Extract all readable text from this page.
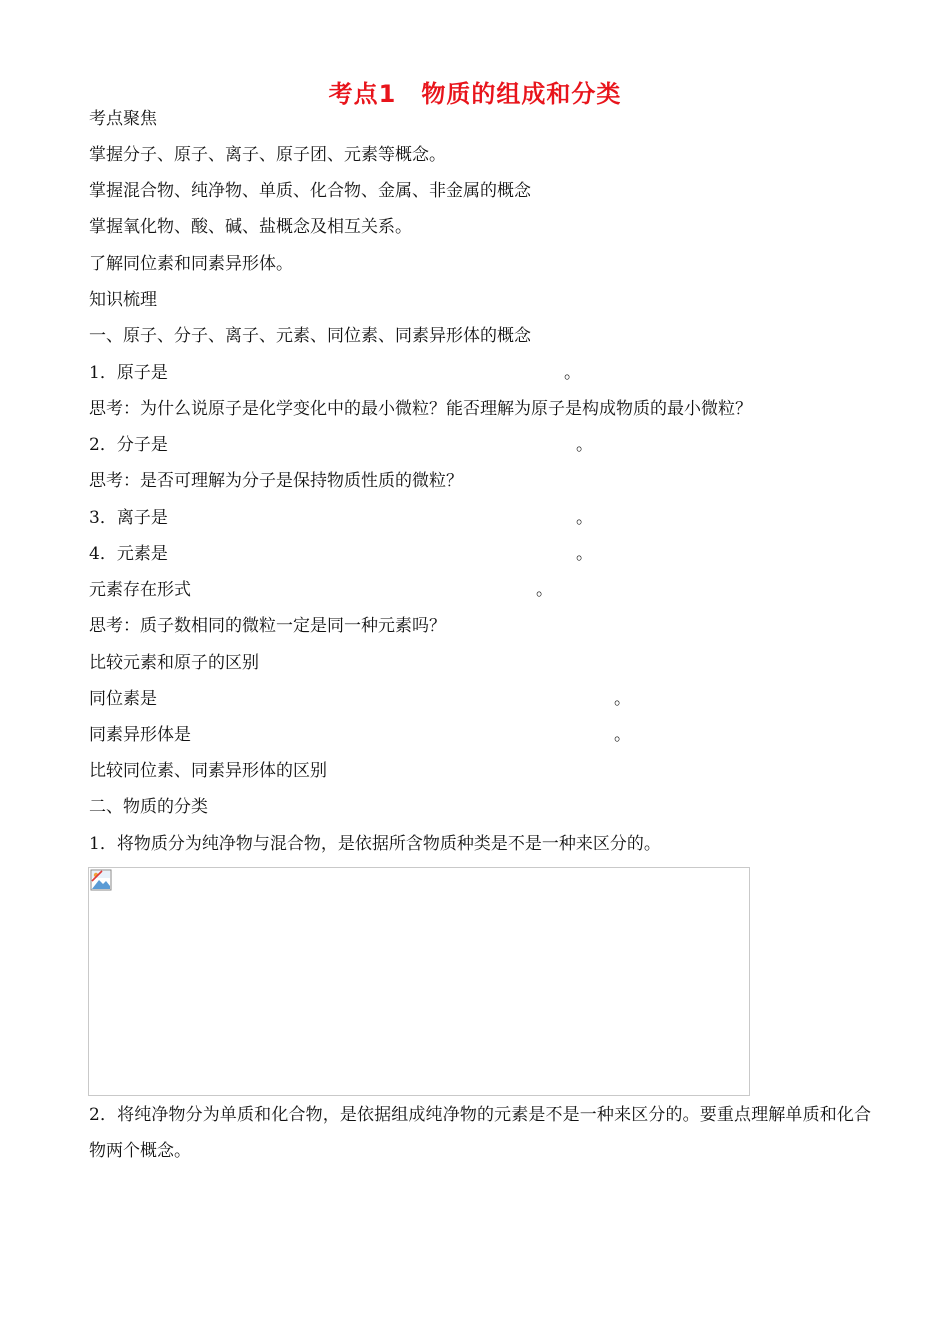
考点1　物质的组成和分类
考点聚焦
掌握分子、原子、离子、原子团、元素等概念。
掌握混合物、纯净物、单质、化合物、金属、非金属的概念
掌握氧化物、酸、碱、盐概念及相互关系。
了解同位素和同素异形体。
知识梳理
一、原子、分子、离子、元素、同位素、同素异形体的概念
1．原子是	。
思考：为什么说原子是化学变化中的最小微粒？能否理解为原子是构成物质的最小微粒？
2．分子是	。
思考：是否可理解为分子是保持物质性质的微粒？
3．离子是	。
4．元素是	。
元素存在形式	。
思考：质子数相同的微粒一定是同一种元素吗？
比较元素和原子的区别
同位素是	。
同素异形体是	。
比较同位素、同素异形体的区别
二、物质的分类
1．将物质分为纯净物与混合物，是依据所含物质种类是不是一种来区分的。
2．将纯净物分为单质和化合物，是依据组成纯净物的元素是不是一种来区分的。要重点理解单质和化合物两个概念。
